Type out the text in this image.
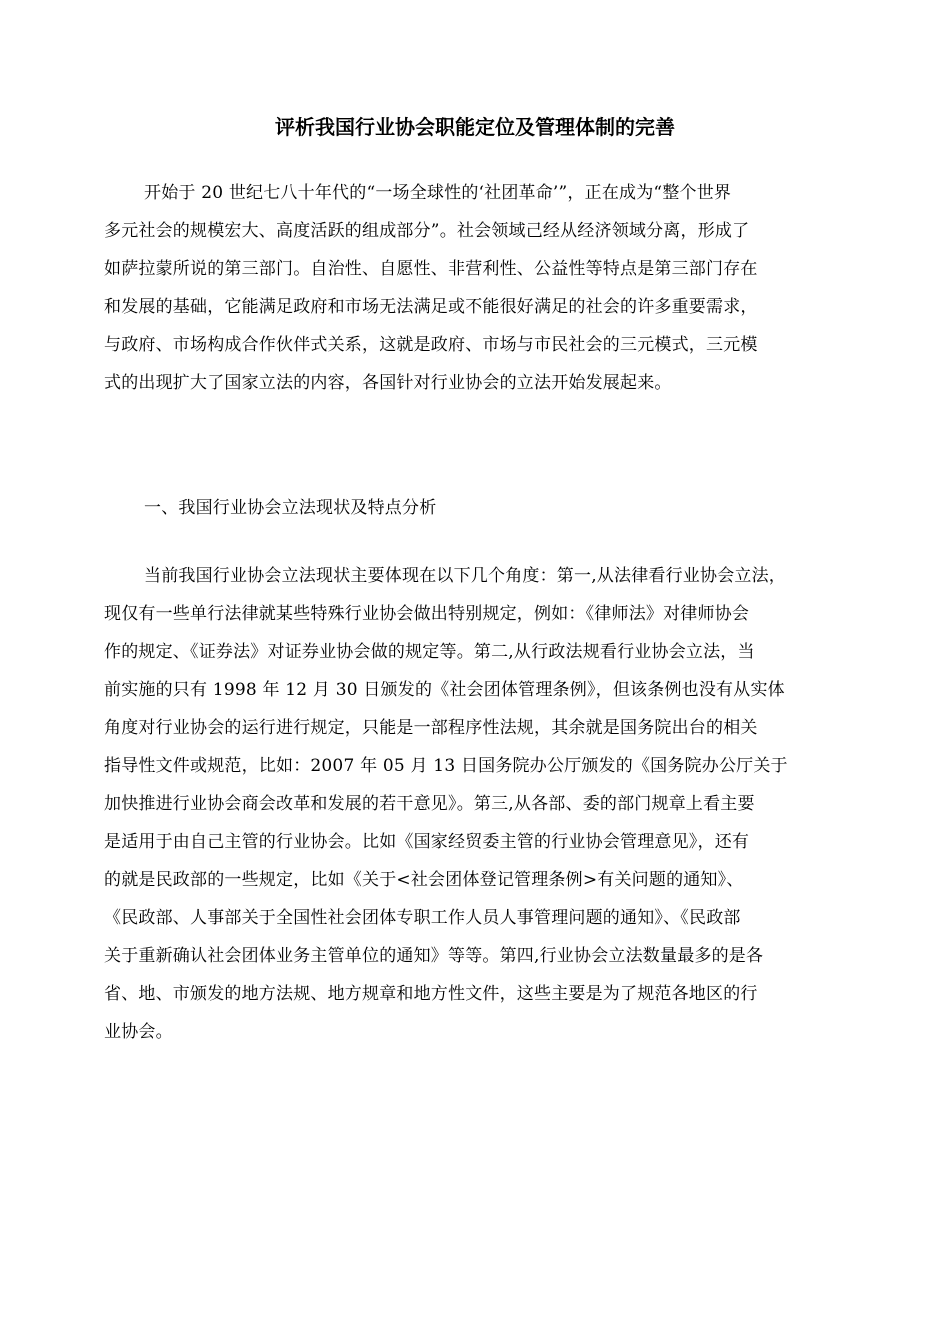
评析我国行业协会职能定位及管理体制的完善
开始于 20 世纪七八十年代的“一场全球性的‘社团革命’”，正在成为“整个世界
多元社会的规模宏大、高度活跃的组成部分”。社会领域己经从经济领域分离，形成了
如萨拉蒙所说的第三部门。自治性、自愿性、非营利性、公益性等特点是第三部门存在
和发展的基础，它能满足政府和市场无法满足或不能很好满足的社会的许多重要需求，
与政府、市场构成合作伙伴式关系，这就是政府、市场与市民社会的三元模式，三元模
式的出现扩大了国家立法的内容，各国针对行业协会的立法开始发展起来。
一、我国行业协会立法现状及特点分析
当前我国行业协会立法现状主要体现在以下几个角度：第一,从法律看行业协会立法，
现仅有一些单行法律就某些特殊行业协会做出特别规定，例如：《律师法》对律师协会
作的规定、《证券法》对证券业协会做的规定等。第二,从行政法规看行业协会立法，当
前实施的只有 1998 年 12 月 30 日颁发的《社会团体管理条例》，但该条例也没有从实体
角度对行业协会的运行进行规定，只能是一部程序性法规，其余就是国务院出台的相关
指导性文件或规范，比如：2007 年 05 月 13 日国务院办公厅颁发的《国务院办公厅关于
加快推进行业协会商会改革和发展的若干意见》。第三,从各部、委的部门规章上看主要
是适用于由自己主管的行业协会。比如《国家经贸委主管的行业协会管理意见》，还有
的就是民政部的一些规定，比如《关于<社会团体登记管理条例>有关问题的通知》、
《民政部、人事部关于全国性社会团体专职工作人员人事管理问题的通知》、《民政部
关于重新确认社会团体业务主管单位的通知》等等。第四,行业协会立法数量最多的是各
省、地、市颁发的地方法规、地方规章和地方性文件，这些主要是为了规范各地区的行
业协会。
